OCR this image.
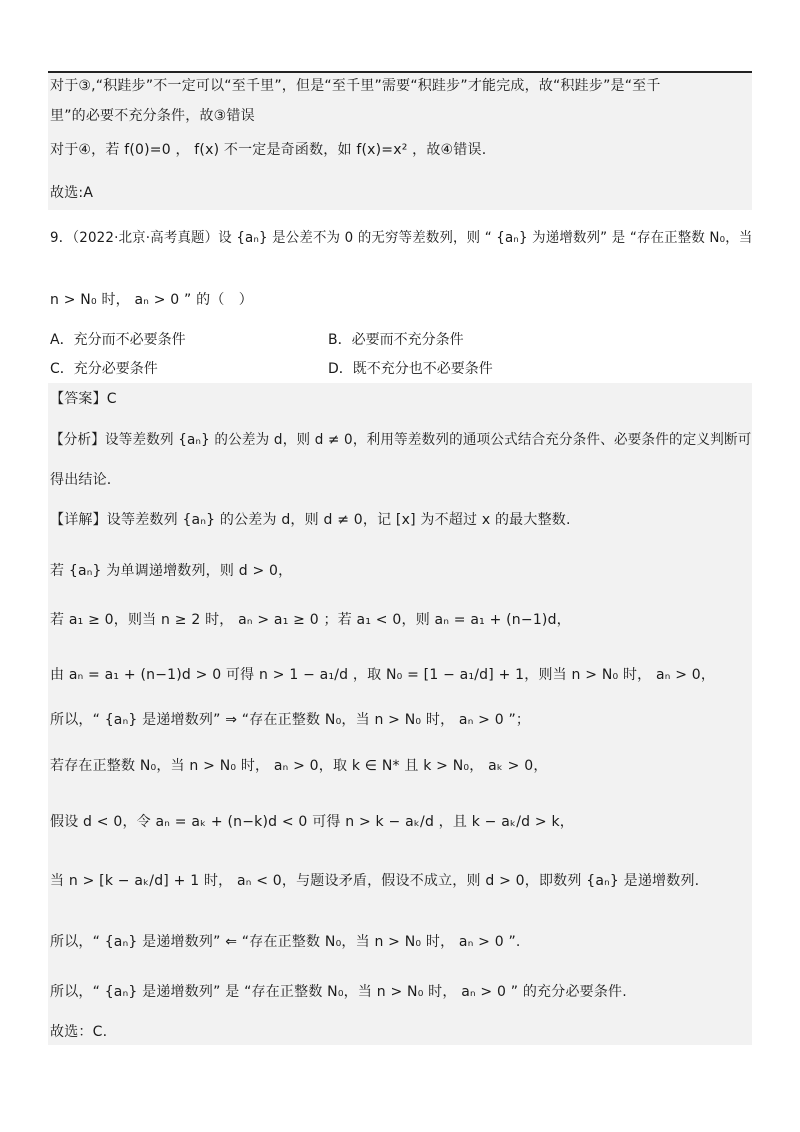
对于③,“积跬步”不一定可以“至千里”，但是“至千里”需要“积跬步”才能完成，故“积跬步”是“至千
里”的必要不充分条件，故③错误
对于④，若 f(0)=0 ， f(x) 不一定是奇函数，如 f(x)=x² ，故④错误.
故选:A
9．（2022·北京·高考真题）设 {aₙ} 是公差不为 0 的无穷等差数列，则 “ {aₙ} 为递增数列” 是 “存在正整数 N₀，当
n > N₀ 时， aₙ > 0 ” 的（　）
A．充分而不必要条件	B．必要而不充分条件
C．充分必要条件	D．既不充分也不必要条件
【答案】C
【分析】设等差数列 {aₙ} 的公差为 d，则 d ≠ 0，利用等差数列的通项公式结合充分条件、必要条件的定义判断可
得出结论.
【详解】设等差数列 {aₙ} 的公差为 d，则 d ≠ 0，记 [x] 为不超过 x 的最大整数.
若 {aₙ} 为单调递增数列，则 d > 0，
若 a₁ ≥ 0，则当 n ≥ 2 时， aₙ > a₁ ≥ 0 ；若 a₁ < 0，则 aₙ = a₁ + (n−1)d，
由 aₙ = a₁ + (n−1)d > 0 可得 n > 1 − a₁/d ，取 N₀ = [1 − a₁/d] + 1，则当 n > N₀ 时， aₙ > 0，
所以，“ {aₙ} 是递增数列” ⇒ “存在正整数 N₀，当 n > N₀ 时， aₙ > 0 ”；
若存在正整数 N₀，当 n > N₀ 时， aₙ > 0，取 k ∈ N* 且 k > N₀， aₖ > 0，
假设 d < 0，令 aₙ = aₖ + (n−k)d < 0 可得 n > k − aₖ/d ，且 k − aₖ/d > k，
当 n > [k − aₖ/d] + 1 时， aₙ < 0，与题设矛盾，假设不成立，则 d > 0，即数列 {aₙ} 是递增数列.
所以，“ {aₙ} 是递增数列” ⇐ “存在正整数 N₀，当 n > N₀ 时， aₙ > 0 ”.
所以，“ {aₙ} 是递增数列” 是 “存在正整数 N₀，当 n > N₀ 时， aₙ > 0 ” 的充分必要条件.
故选：C.
